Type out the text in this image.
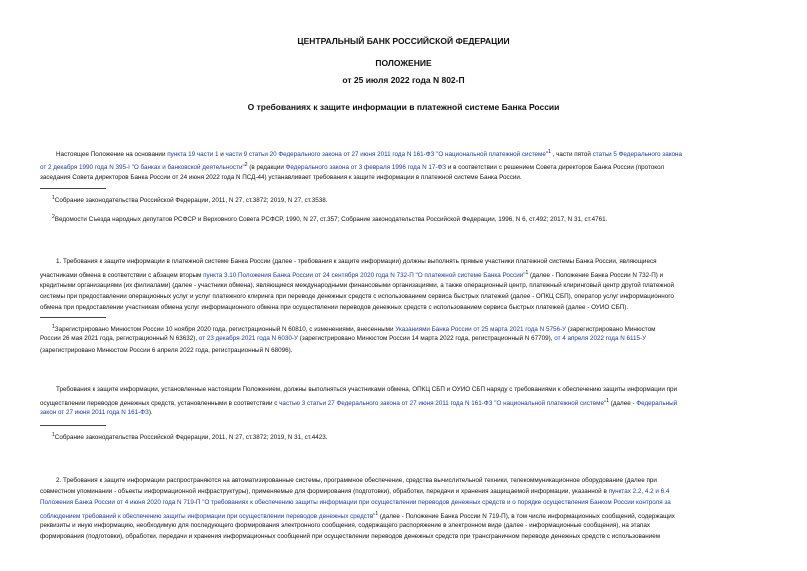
ЦЕНТРАЛЬНЫЙ БАНК РОССИЙСКОЙ ФЕДЕРАЦИИ
ПОЛОЖЕНИЕ
от 25 июля 2022 года N 802-П
О требованиях к защите информации в платежной системе Банка России
Настоящее Положение на основании пункта 19 части 1 и части 9 статьи 20 Федерального закона от 27 июня 2011 года N 161-ФЗ "О национальной платежной системе"$^1$ , части пятой статьи 5 Федерального закона
от 2 декабря 1990 года N 395-I "О банках и банковской деятельности"$^2$ (в редакции Федерального закона от 3 февраля 1996 года N 17-ФЗ и в соответствии с решением Совета директоров Банка России (протокол
заседания Совета директоров Банка России от 24 июня 2022 года N ПСД-44) устанавливает требования к защите информации в платежной системе Банка России.
$^1$Собрание законодательства Российской Федерации, 2011, N 27, ст.3872; 2019, N 27, ст.3538.
$^2$Ведомости Съезда народных депутатов РСФСР и Верховного Совета РСФСР, 1990, N 27, ст.357; Собрание законодательства Российской Федерации, 1996, N 6, ст.492; 2017, N 31, ст.4761.
1. Требования к защите информации в платежной системе Банка России (далее - требования к защите информации) должны выполнять прямые участники платежной системы Банка России, являющиеся
участниками обмена в соответствии с абзацем вторым пункта 3.10 Положения Банка России от 24 сентября 2020 года N 732-П "О платежной системе Банка России"$^1$ (далее - Положение Банка России N 732-П) и
кредитными организациями (их филиалами) (далее - участники обмена), являющиеся международными финансовыми организациями, а также операционный центр, платежный клиринговый центр другой платежной
системы при предоставлении операционных услуг и услуг платежного клиринга при переводе денежных средств с использованием сервиса быстрых платежей (далее - ОПКЦ СБП), оператор услуг информационного
обмена при предоставлении участникам обмена услуг информационного обмена при осуществлении переводов денежных средств с использованием сервиса быстрых платежей (далее - ОУИО СБП).
$^1$Зарегистрировано Минюстом России 10 ноября 2020 года, регистрационный N 60810, с изменениями, внесенными Указаниями Банка России от 25 марта 2021 года N 5756-У (зарегистрировано Минюстом
России 26 мая 2021 года, регистрационный N 63632), от 23 декабря 2021 года N 6030-У (зарегистрировано Минюстом России 14 марта 2022 года, регистрационный N 67709), от 4 апреля 2022 года N 6115-У
(зарегистрировано Минюстом России 6 апреля 2022 года, регистрационный N 68096).
Требования к защите информации, установленные настоящим Положением, должны выполняться участниками обмена, ОПКЦ СБП и ОУИО СБП наряду с требованиями к обеспечению защиты информации при
осуществлении переводов денежных средств, установленными в соответствии с частью 3 статьи 27 Федерального закона от 27 июня 2011 года N 161-ФЗ "О национальной платежной системе"$^1$ (далее - Федеральный
закон от 27 июня 2011 года N 161-ФЗ).
$^1$Собрание законодательства Российской Федерации, 2011, N 27, ст.3872; 2019, N 31, ст.4423.
2. Требования к защите информации распространяются на автоматизированные системы, программное обеспечение, средства вычислительной техники, телекоммуникационное оборудование (далее при
совместном упоминании - объекты информационной инфраструктуры), применяемые для формирования (подготовки), обработки, передачи и хранения защищаемой информации, указанной в пунктах 2.2, 4.2 и 6.4
Положения Банка России от 4 июня 2020 года N 719-П "О требованиях к обеспечению защиты информации при осуществлении переводов денежных средств и о порядке осуществления Банком России контроля за
соблюдением требований к обеспечению защиты информации при осуществлении переводов денежных средств"$^1$ (далее - Положение Банка России N 719-П), в том числе информационных сообщений, содержащих
реквизиты и иную информацию, необходимую для последующего формирования электронного сообщения, содержащего распоряжение в электронном виде (далее - информационные сообщения), на этапах
формирования (подготовки), обработки, передачи и хранения информационных сообщений при осуществлении переводов денежных средств при трансграничном переводе денежных средств с использованием
